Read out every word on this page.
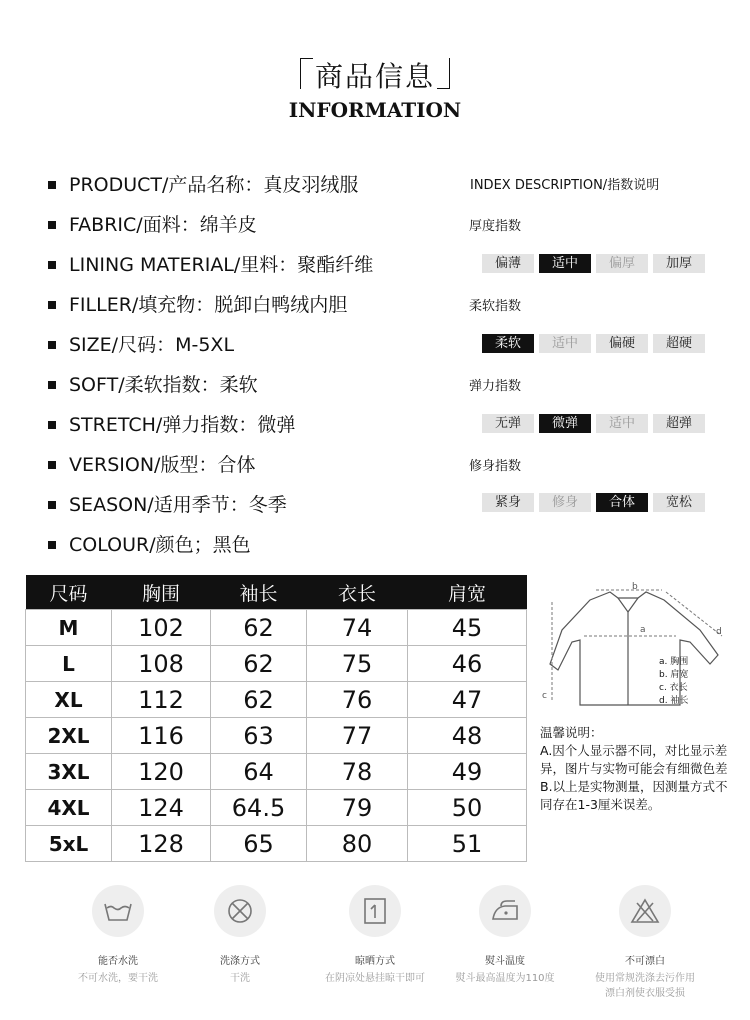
商品信息
INFORMATION
PRODUCT/产品名称：真皮羽绒服
FABRIC/面料：绵羊皮
LINING MATERIAL/里料：聚酯纤维
FILLER/填充物：脱卸白鸭绒内胆
SIZE/尺码：M-5XL
SOFT/柔软指数：柔软
STRETCH/弹力指数：微弹
VERSION/版型：合体
SEASON/适用季节：冬季
COLOUR/颜色；黑色
INDEX DESCRIPTION/指数说明
厚度指数
偏薄	适中	偏厚	加厚
柔软指数
柔软	适中	偏硬	超硬
弹力指数
无弹	微弹	适中	超弹
修身指数
紧身	修身	合体	宽松
尺码	胸围	袖长	衣长	肩宽
M	102	62	74	45
L	108	62	75	46
XL	112	62	76	47
2XL	116	63	77	48
3XL	120	64	78	49
4XL	124	64.5	79	50
5xL	128	65	80	51
a
b
c
d
a. 胸围
b. 肩宽
c. 衣长
d. 袖长
温馨说明：
A.因个人显示器不同，对比显示差异，图片与实物可能会有细微色差
B.以上是实物测量，因测量方式不同存在1-3厘米误差。
能否水洗
不可水洗，要干洗
洗涤方式
干洗
晾晒方式
在阴凉处悬挂晾干即可
熨斗温度
熨斗最高温度为110度
不可漂白
使用常规洗涤去污作用
漂白剂使衣服受损
